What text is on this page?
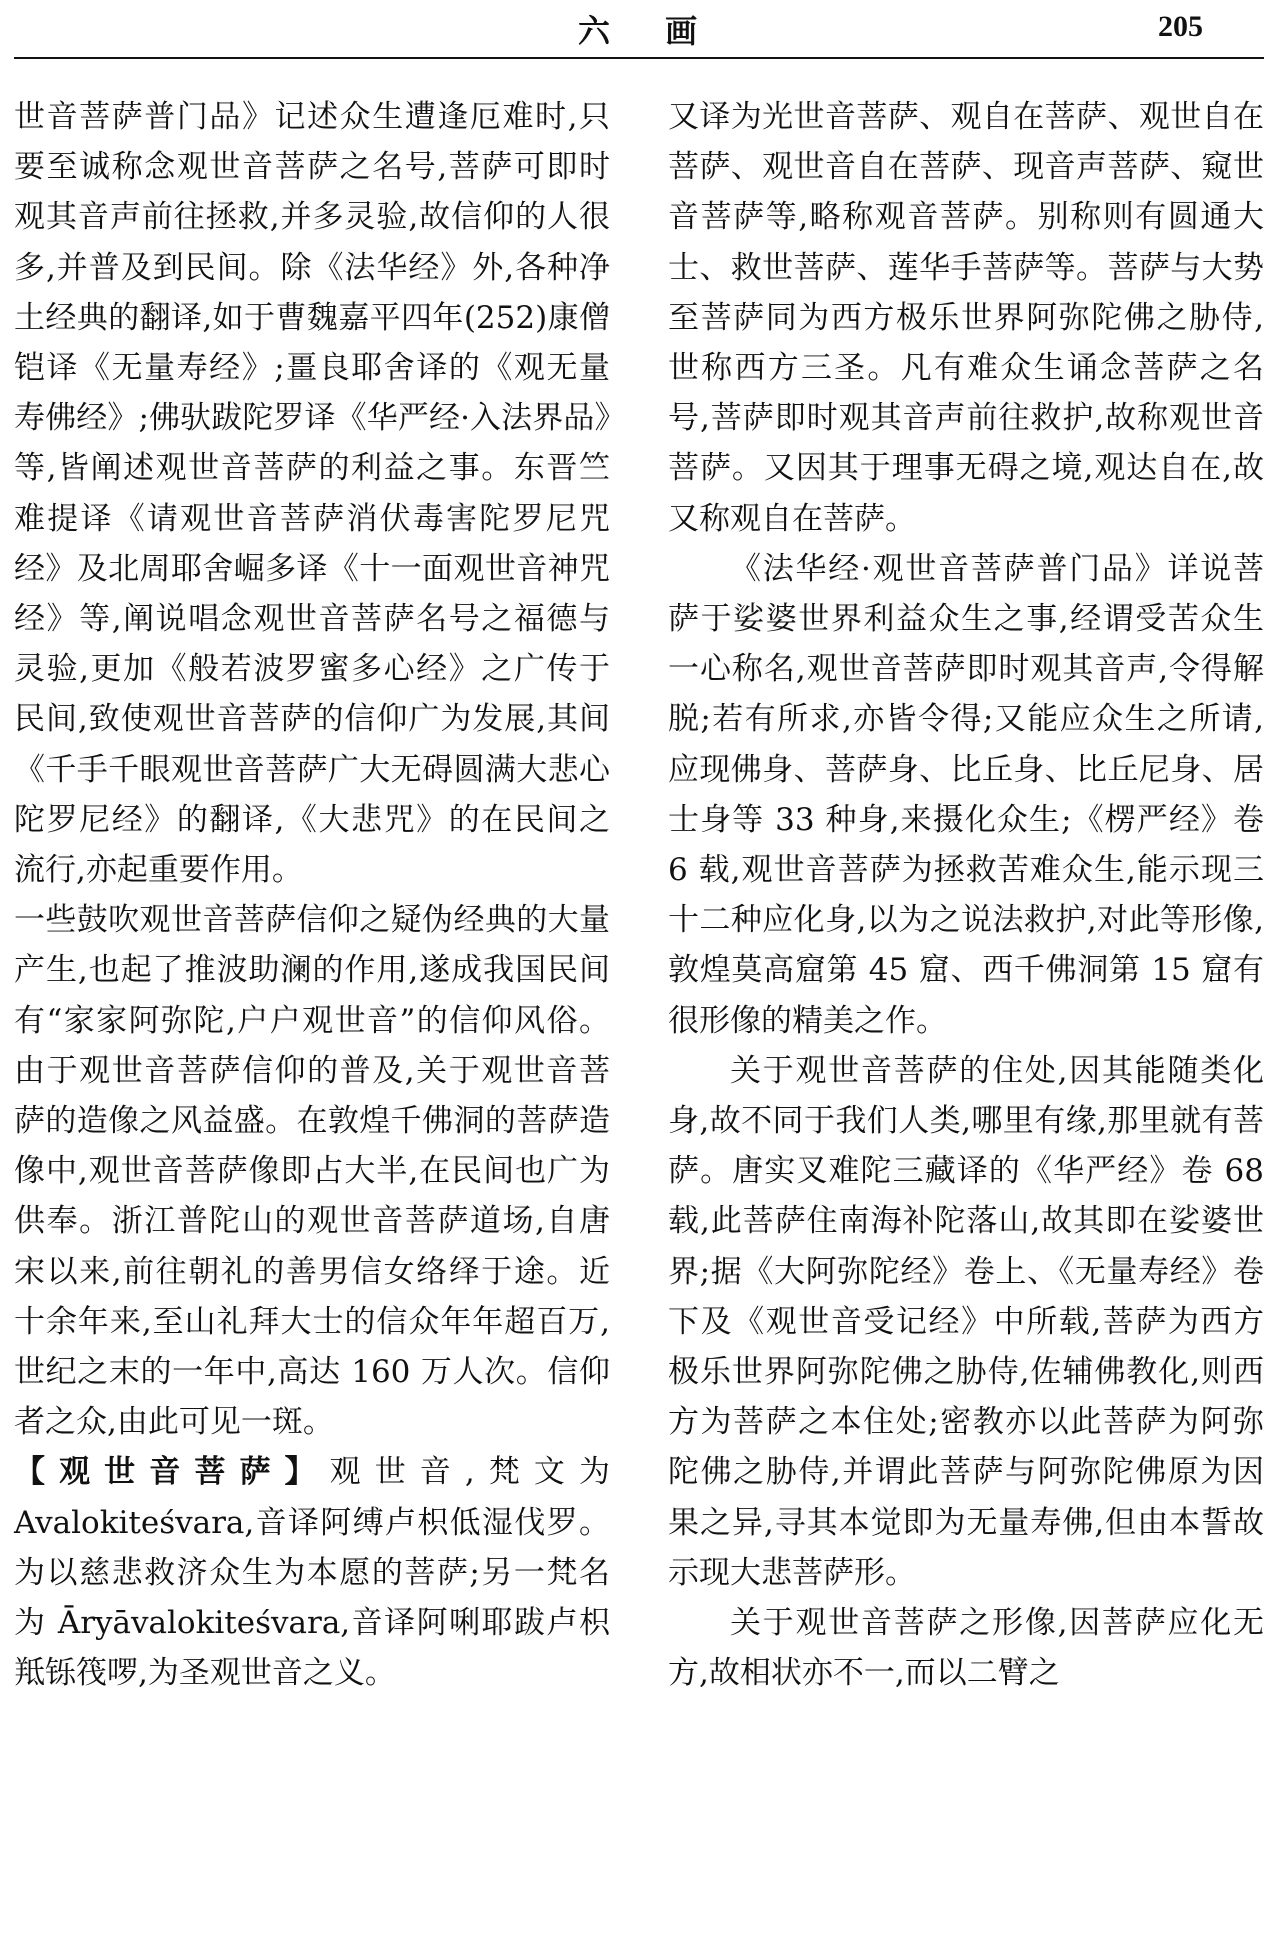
六 画	205

世音菩萨普门品》记述众生遭逢厄难时,只要至诚称念观世音菩萨之名号,菩萨可即时观其音声前往拯救,并多灵验,故信仰的人很多,并普及到民间。除《法华经》外,各种净土经典的翻译,如于曹魏嘉平四年(252)康僧铠译《无量寿经》;畺良耶舍译的《观无量寿佛经》;佛驮跋陀罗译《华严经·入法界品》等,皆阐述观世音菩萨的利益之事。东晋竺难提译《请观世音菩萨消伏毒害陀罗尼咒经》及北周耶舍崛多译《十一面观世音神咒经》等,阐说唱念观世音菩萨名号之福德与灵验,更加《般若波罗蜜多心经》之广传于民间,致使观世音菩萨的信仰广为发展,其间《千手千眼观世音菩萨广大无碍圆满大悲心陀罗尼经》的翻译,《大悲咒》的在民间之流行,亦起重要作用。

一些鼓吹观世音菩萨信仰之疑伪经典的大量产生,也起了推波助澜的作用,遂成我国民间有“家家阿弥陀,户户观世音”的信仰风俗。由于观世音菩萨信仰的普及,关于观世音菩萨的造像之风益盛。在敦煌千佛洞的菩萨造像中,观世音菩萨像即占大半,在民间也广为供奉。浙江普陀山的观世音菩萨道场,自唐宋以来,前往朝礼的善男信女络绎于途。近十余年来,至山礼拜大士的信众年年超百万,世纪之末的一年中,高达 160 万人次。信仰者之众,由此可见一斑。

【观世音菩萨】观世音,梵文为 Avalokiteśvara,音译阿缚卢枳低湿伐罗。为以慈悲救济众生为本愿的菩萨;另一梵名为 Āryāvalokiteśvara,音译阿唎耶跋卢枳羝铄筏啰,为圣观世音之义。

又译为光世音菩萨、观自在菩萨、观世自在菩萨、观世音自在菩萨、现音声菩萨、窥世音菩萨等,略称观音菩萨。别称则有圆通大士、救世菩萨、莲华手菩萨等。菩萨与大势至菩萨同为西方极乐世界阿弥陀佛之胁侍,世称西方三圣。凡有难众生诵念菩萨之名号,菩萨即时观其音声前往救护,故称观世音菩萨。又因其于理事无碍之境,观达自在,故又称观自在菩萨。

《法华经·观世音菩萨普门品》详说菩萨于娑婆世界利益众生之事,经谓受苦众生一心称名,观世音菩萨即时观其音声,令得解脱;若有所求,亦皆令得;又能应众生之所请,应现佛身、菩萨身、比丘身、比丘尼身、居士身等 33 种身,来摄化众生;《楞严经》卷 6 载,观世音菩萨为拯救苦难众生,能示现三十二种应化身,以为之说法救护,对此等形像,敦煌莫高窟第 45 窟、西千佛洞第 15 窟有很形像的精美之作。

关于观世音菩萨的住处,因其能随类化身,故不同于我们人类,哪里有缘,那里就有菩萨。唐实叉难陀三藏译的《华严经》卷 68 载,此菩萨住南海补陀落山,故其即在娑婆世界;据《大阿弥陀经》卷上、《无量寿经》卷下及《观世音受记经》中所载,菩萨为西方极乐世界阿弥陀佛之胁侍,佐辅佛教化,则西方为菩萨之本住处;密教亦以此菩萨为阿弥陀佛之胁侍,并谓此菩萨与阿弥陀佛原为因果之异,寻其本觉即为无量寿佛,但由本誓故示现大悲菩萨形。

关于观世音菩萨之形像,因菩萨应化无方,故相状亦不一,而以二臂之
